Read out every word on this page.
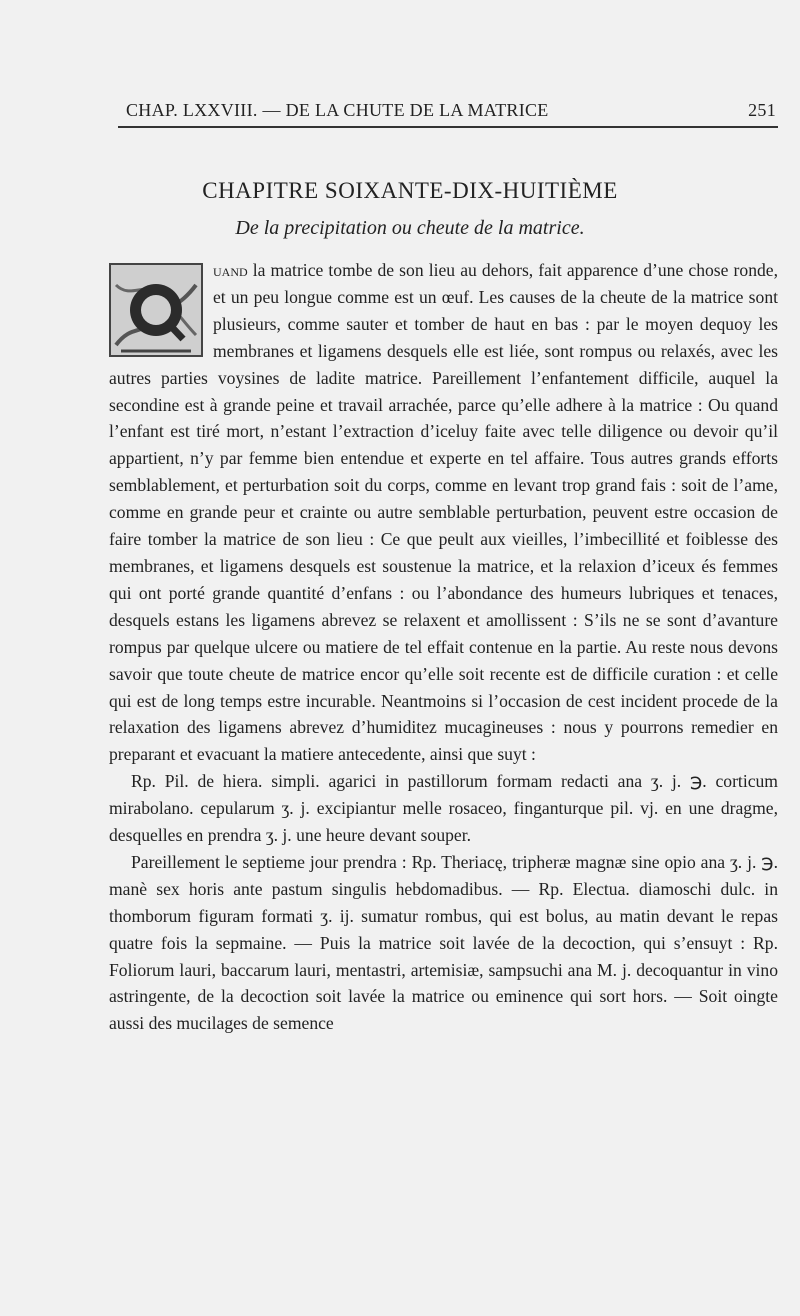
CHAP. LXXVIII. — DE LA CHUTE DE LA MATRICE	251
CHAPITRE SOIXANTE-DIX-HUITIÈME
De la precipitation ou cheute de la matrice.

uand la matrice tombe de son lieu au dehors, fait apparence d’une chose ronde, et un peu longue comme est un œuf. Les causes de la cheute de la matrice sont plusieurs, comme sauter et tomber de haut en bas : par le moyen dequoy les membranes et ligamens desquels elle est liée, sont rompus ou relaxés, avec les autres parties voysines de ladite matrice. Pareillement l’enfantement difficile, auquel la secondine est à grande peine et travail arrachée, parce qu’elle adhere à la matrice : Ou quand l’enfant est tiré mort, n’estant l’extraction d’iceluy faite avec telle diligence ou devoir qu’il appartient, n’y par femme bien entendue et experte en tel affaire. Tous autres grands efforts semblablement, et perturbation soit du corps, comme en levant trop grand fais : soit de l’ame, comme en grande peur et crainte ou autre semblable perturbation, peuvent estre occasion de faire tomber la matrice de son lieu : Ce que peult aux vieilles, l’imbecillité et foiblesse des membranes, et ligamens desquels est soustenue la matrice, et la relaxion d’iceux és femmes qui ont porté grande quantité d’enfans : ou l’abondance des humeurs lubriques et tenaces, desquels estans les ligamens abrevez se relaxent et amollissent : S’ils ne se sont d’avanture rompus par quelque ulcere ou matiere de tel effait contenue en la partie. Au reste nous devons savoir que toute cheute de matrice encor qu’elle soit recente est de difficile curation : et celle qui est de long temps estre incurable. Neantmoins si l’occasion de cest incident procede de la relaxation des ligamens abrevez d’humiditez mucagineuses : nous y pourrons remedier en preparant et evacuant la matiere antecedente, ainsi que suyt :

Rp. Pil. de hiera. simpli. agarici in pastillorum formam redacti ana ʒ. j. ℈. corticum mirabolano. cepularum ʒ. j. excipiantur melle rosaceo, finganturque pil. vj. en une dragme, desquelles en prendra ʒ. j. une heure devant souper.

Pareillement le septieme jour prendra : Rp. Theriacę, tripheræ magnæ sine opio ana ʒ. j. ℈. manè sex horis ante pastum singulis hebdomadibus. — Rp. Electua. diamoschi dulc. in thomborum figuram formati ʒ. ij. sumatur rombus, qui est bolus, au matin devant le repas quatre fois la sepmaine. — Puis la matrice soit lavée de la decoction, qui s’ensuyt : Rp. Foliorum lauri, baccarum lauri, mentastri, artemisiæ, sampsuchi ana M. j. decoquantur in vino astringente, de la decoction soit lavée la matrice ou eminence qui sort hors. — Soit oingte aussi des mucilages de semence
